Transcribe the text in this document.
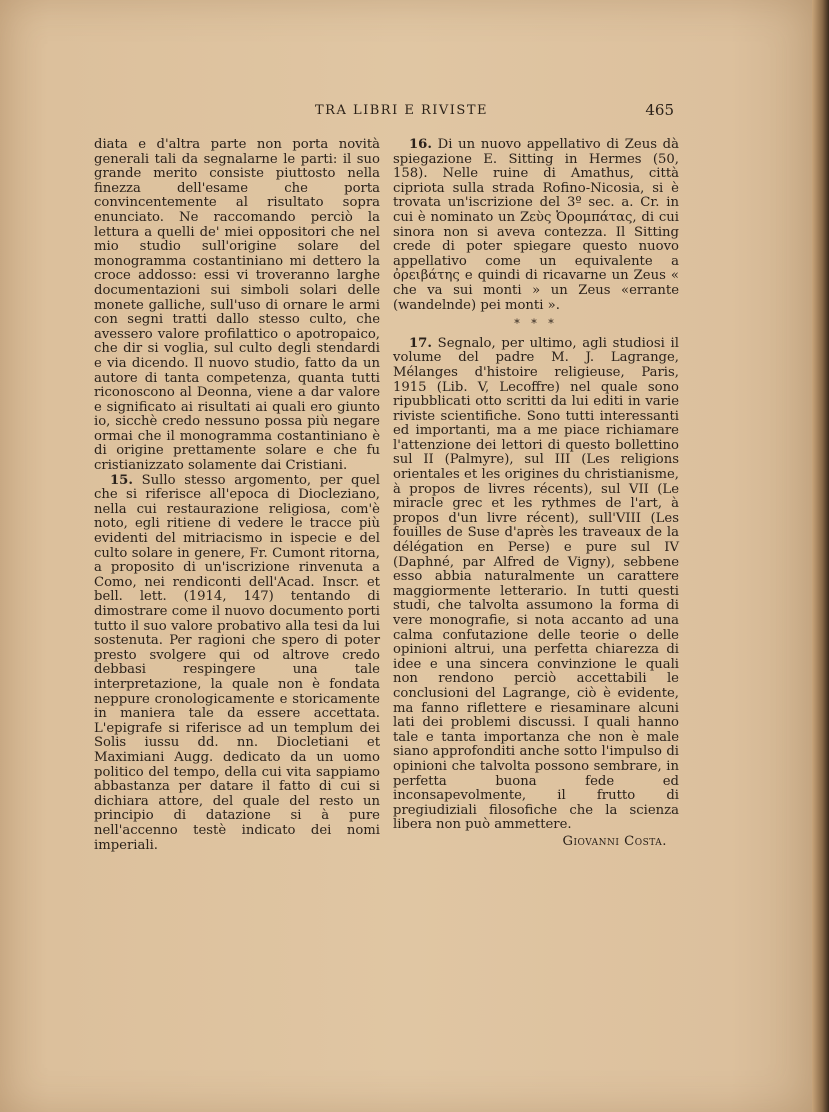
TRA LIBRI E RIVISTE	465

diata e d'altra parte non porta novità generali tali da segnalarne le parti: il suo grande merito consiste piuttosto nella finezza dell'esame che porta convincentemente al risultato sopra enunciato. Ne raccomando perciò la lettura a quelli de' miei oppositori che nel mio studio sull'origine solare del monogramma costantiniano mi dettero la croce addosso: essi vi troveranno larghe documentazioni sui simboli solari delle monete galliche, sull'uso di ornare le armi con segni tratti dallo stesso culto, che avessero valore profilattico o apotropaico, che dir si voglia, sul culto degli stendardi e via dicendo. Il nuovo studio, fatto da un autore di tanta competenza, quanta tutti riconoscono al Deonna, viene a dar valore e significato ai risultati ai quali ero giunto io, sicchè credo nessuno possa più negare ormai che il monogramma costantiniano è di origine prettamente solare e che fu cristianizzato solamente dai Cristiani.

15. Sullo stesso argomento, per quel che si riferisce all'epoca di Diocleziano, nella cui restaurazione religiosa, com'è noto, egli ritiene di vedere le tracce più evidenti del mitriacismo in ispecie e del culto solare in genere, Fr. Cumont ritorna, a proposito di un'iscrizione rinvenuta a Como, nei rendiconti dell'Acad. Inscr. et bell. lett. (1914, 147) tentando di dimostrare come il nuovo documento porti tutto il suo valore probativo alla tesi da lui sostenuta. Per ragioni che spero di poter presto svolgere qui od altrove credo debbasi respingere una tale interpretazione, la quale non è fondata neppure cronologicamente e storicamente in maniera tale da essere accettata. L'epigrafe si riferisce ad un templum dei Solis iussu dd. nn. Diocletiani et Maximiani Augg. dedicato da un uomo politico del tempo, della cui vita sappiamo abbastanza per datare il fatto di cui si dichiara attore, del quale del resto un principio di datazione si à pure nell'accenno testè indicato dei nomi imperiali.

16. Di un nuovo appellativo di Zeus dà spiegazione E. Sitting in Hermes (50, 158). Nelle ruine di Amathus, città cipriota sulla strada Rofino-Nicosia, si è trovata un'iscrizione del 3º sec. a. Cr. in cui è nominato un Ζεὺς Ὀρομπάτας, di cui sinora non si aveva contezza. Il Sitting crede di poter spiegare questo nuovo appellativo come un equivalente a ὀρειβάτης e quindi di ricavarne un Zeus « che va sui monti » un Zeus «errante (wandelnde) pei monti ».

* * *

17. Segnalo, per ultimo, agli studiosi il volume del padre M. J. Lagrange, Mélanges d'histoire religieuse, Paris, 1915 (Lib. V, Lecoffre) nel quale sono ripubblicati otto scritti da lui editi in varie riviste scientifiche. Sono tutti interessanti ed importanti, ma a me piace richiamare l'attenzione dei lettori di questo bollettino sul II (Palmyre), sul III (Les religions orientales et les origines du christianisme, à propos de livres récents), sul VII (Le miracle grec et les rythmes de l'art, à propos d'un livre récent), sull'VIII (Les fouilles de Suse d'après les traveaux de la délégation en Perse) e pure sul IV (Daphné, par Alfred de Vigny), sebbene esso abbia naturalmente un carattere maggiormente letterario. In tutti questi studi, che talvolta assumono la forma di vere monografie, si nota accanto ad una calma confutazione delle teorie o delle opinioni altrui, una perfetta chiarezza di idee e una sincera convinzione le quali non rendono perciò accettabili le conclusioni del Lagrange, ciò è evidente, ma fanno riflettere e riesaminare alcuni lati dei problemi discussi. I quali hanno tale e tanta importanza che non è male siano approfonditi anche sotto l'impulso di opinioni che talvolta possono sembrare, in perfetta buona fede ed inconsapevolmente, il frutto di pregiudiziali filosofiche che la scienza libera non può ammettere.

Giovanni Costa.
